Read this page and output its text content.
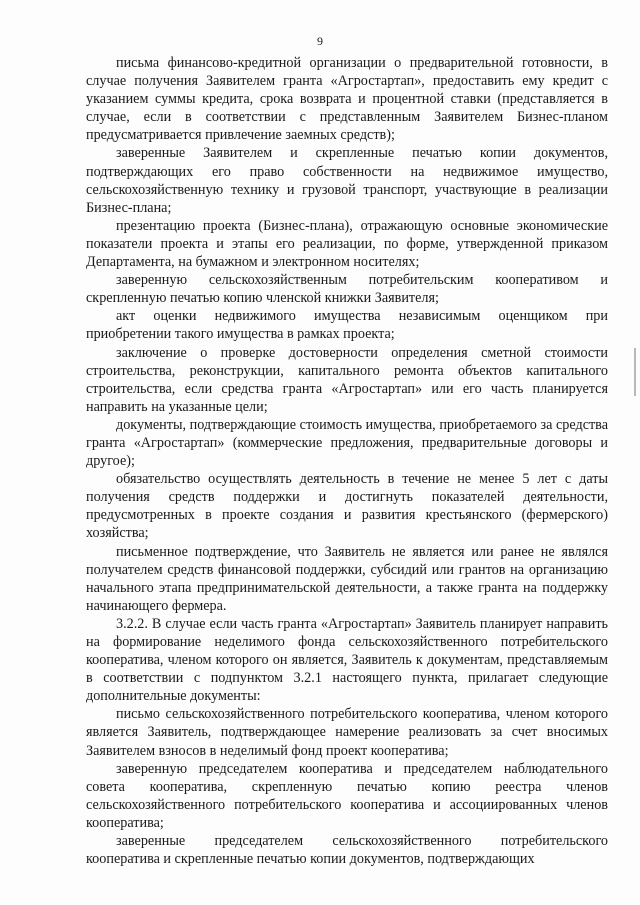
9

письма финансово-кредитной организации о предварительной готовности, в случае получения Заявителем гранта «Агростартап», предоставить ему кредит с указанием суммы кредита, срока возврата и процентной ставки (представляется в случае, если в соответствии с представленным Заявителем Бизнес-планом предусматривается привлечение заемных средств);

заверенные Заявителем и скрепленные печатью копии документов, подтверждающих его право собственности на недвижимое имущество, сельскохозяйственную технику и грузовой транспорт, участвующие в реализации Бизнес-плана;

презентацию проекта (Бизнес-плана), отражающую основные экономические показатели проекта и этапы его реализации, по форме, утвержденной приказом Департамента, на бумажном и электронном носителях;

заверенную сельскохозяйственным потребительским кооперативом и скрепленную печатью копию членской книжки Заявителя;

акт оценки недвижимого имущества независимым оценщиком при приобретении такого имущества в рамках проекта;

заключение о проверке достоверности определения сметной стоимости строительства, реконструкции, капитального ремонта объектов капитального строительства, если средства гранта «Агростартап» или его часть планируется направить на указанные цели;

документы, подтверждающие стоимость имущества, приобретаемого за средства гранта «Агростартап» (коммерческие предложения, предварительные договоры и другое);

обязательство осуществлять деятельность в течение не менее 5 лет с даты получения средств поддержки и достигнуть показателей деятельности, предусмотренных в проекте создания и развития крестьянского (фермерского) хозяйства;

письменное подтверждение, что Заявитель не является или ранее не являлся получателем средств финансовой поддержки, субсидий или грантов на организацию начального этапа предпринимательской деятельности, а также гранта на поддержку начинающего фермера.

3.2.2. В случае если часть гранта «Агростартап» Заявитель планирует направить на формирование неделимого фонда сельскохозяйственного потребительского кооператива, членом которого он является, Заявитель к документам, представляемым в соответствии с подпунктом 3.2.1 настоящего пункта, прилагает следующие дополнительные документы:

письмо сельскохозяйственного потребительского кооператива, членом которого является Заявитель, подтверждающее намерение реализовать за счет вносимых Заявителем взносов в неделимый фонд проект кооператива;

заверенную председателем кооператива и председателем наблюдательного совета кооператива, скрепленную печатью копию реестра членов сельскохозяйственного потребительского кооператива и ассоциированных членов кооператива;

заверенные председателем сельскохозяйственного потребительского кооператива и скрепленные печатью копии документов, подтверждающих
